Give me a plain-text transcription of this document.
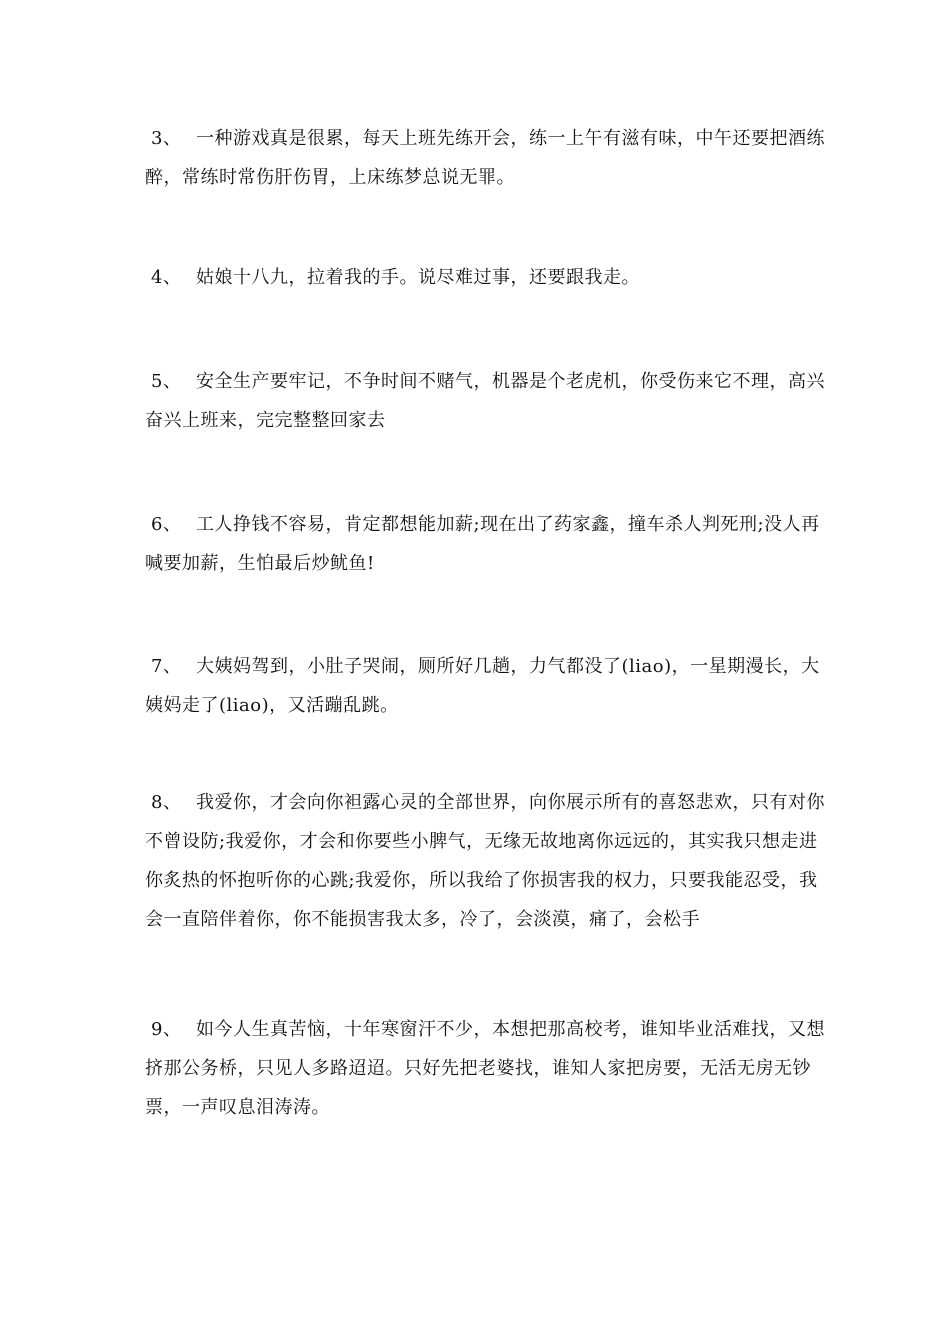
3、 一种游戏真是很累，每天上班先练开会，练一上午有滋有味，中午还要把酒练醉，常练时常伤肝伤胃，上床练梦总说无罪。
4、 姑娘十八九，拉着我的手。说尽难过事，还要跟我走。
5、 安全生产要牢记，不争时间不赌气，机器是个老虎机，你受伤来它不理，高兴奋兴上班来，完完整整回家去
6、 工人挣钱不容易，肯定都想能加薪;现在出了药家鑫，撞车杀人判死刑;没人再喊要加薪，生怕最后炒鱿鱼!
7、 大姨妈驾到，小肚子哭闹，厕所好几趟，力气都没了(liao)，一星期漫长，大姨妈走了(liao)，又活蹦乱跳。
8、 我爱你，才会向你袒露心灵的全部世界，向你展示所有的喜怒悲欢，只有对你不曾设防;我爱你，才会和你要些小脾气，无缘无故地离你远远的，其实我只想走进你炙热的怀抱听你的心跳;我爱你，所以我给了你损害我的权力，只要我能忍受，我会一直陪伴着你，你不能损害我太多，冷了，会淡漠，痛了，会松手
9、 如今人生真苦恼，十年寒窗汗不少，本想把那高校考，谁知毕业活难找，又想挤那公务桥，只见人多路迢迢。只好先把老婆找，谁知人家把房要，无活无房无钞票，一声叹息泪涛涛。
